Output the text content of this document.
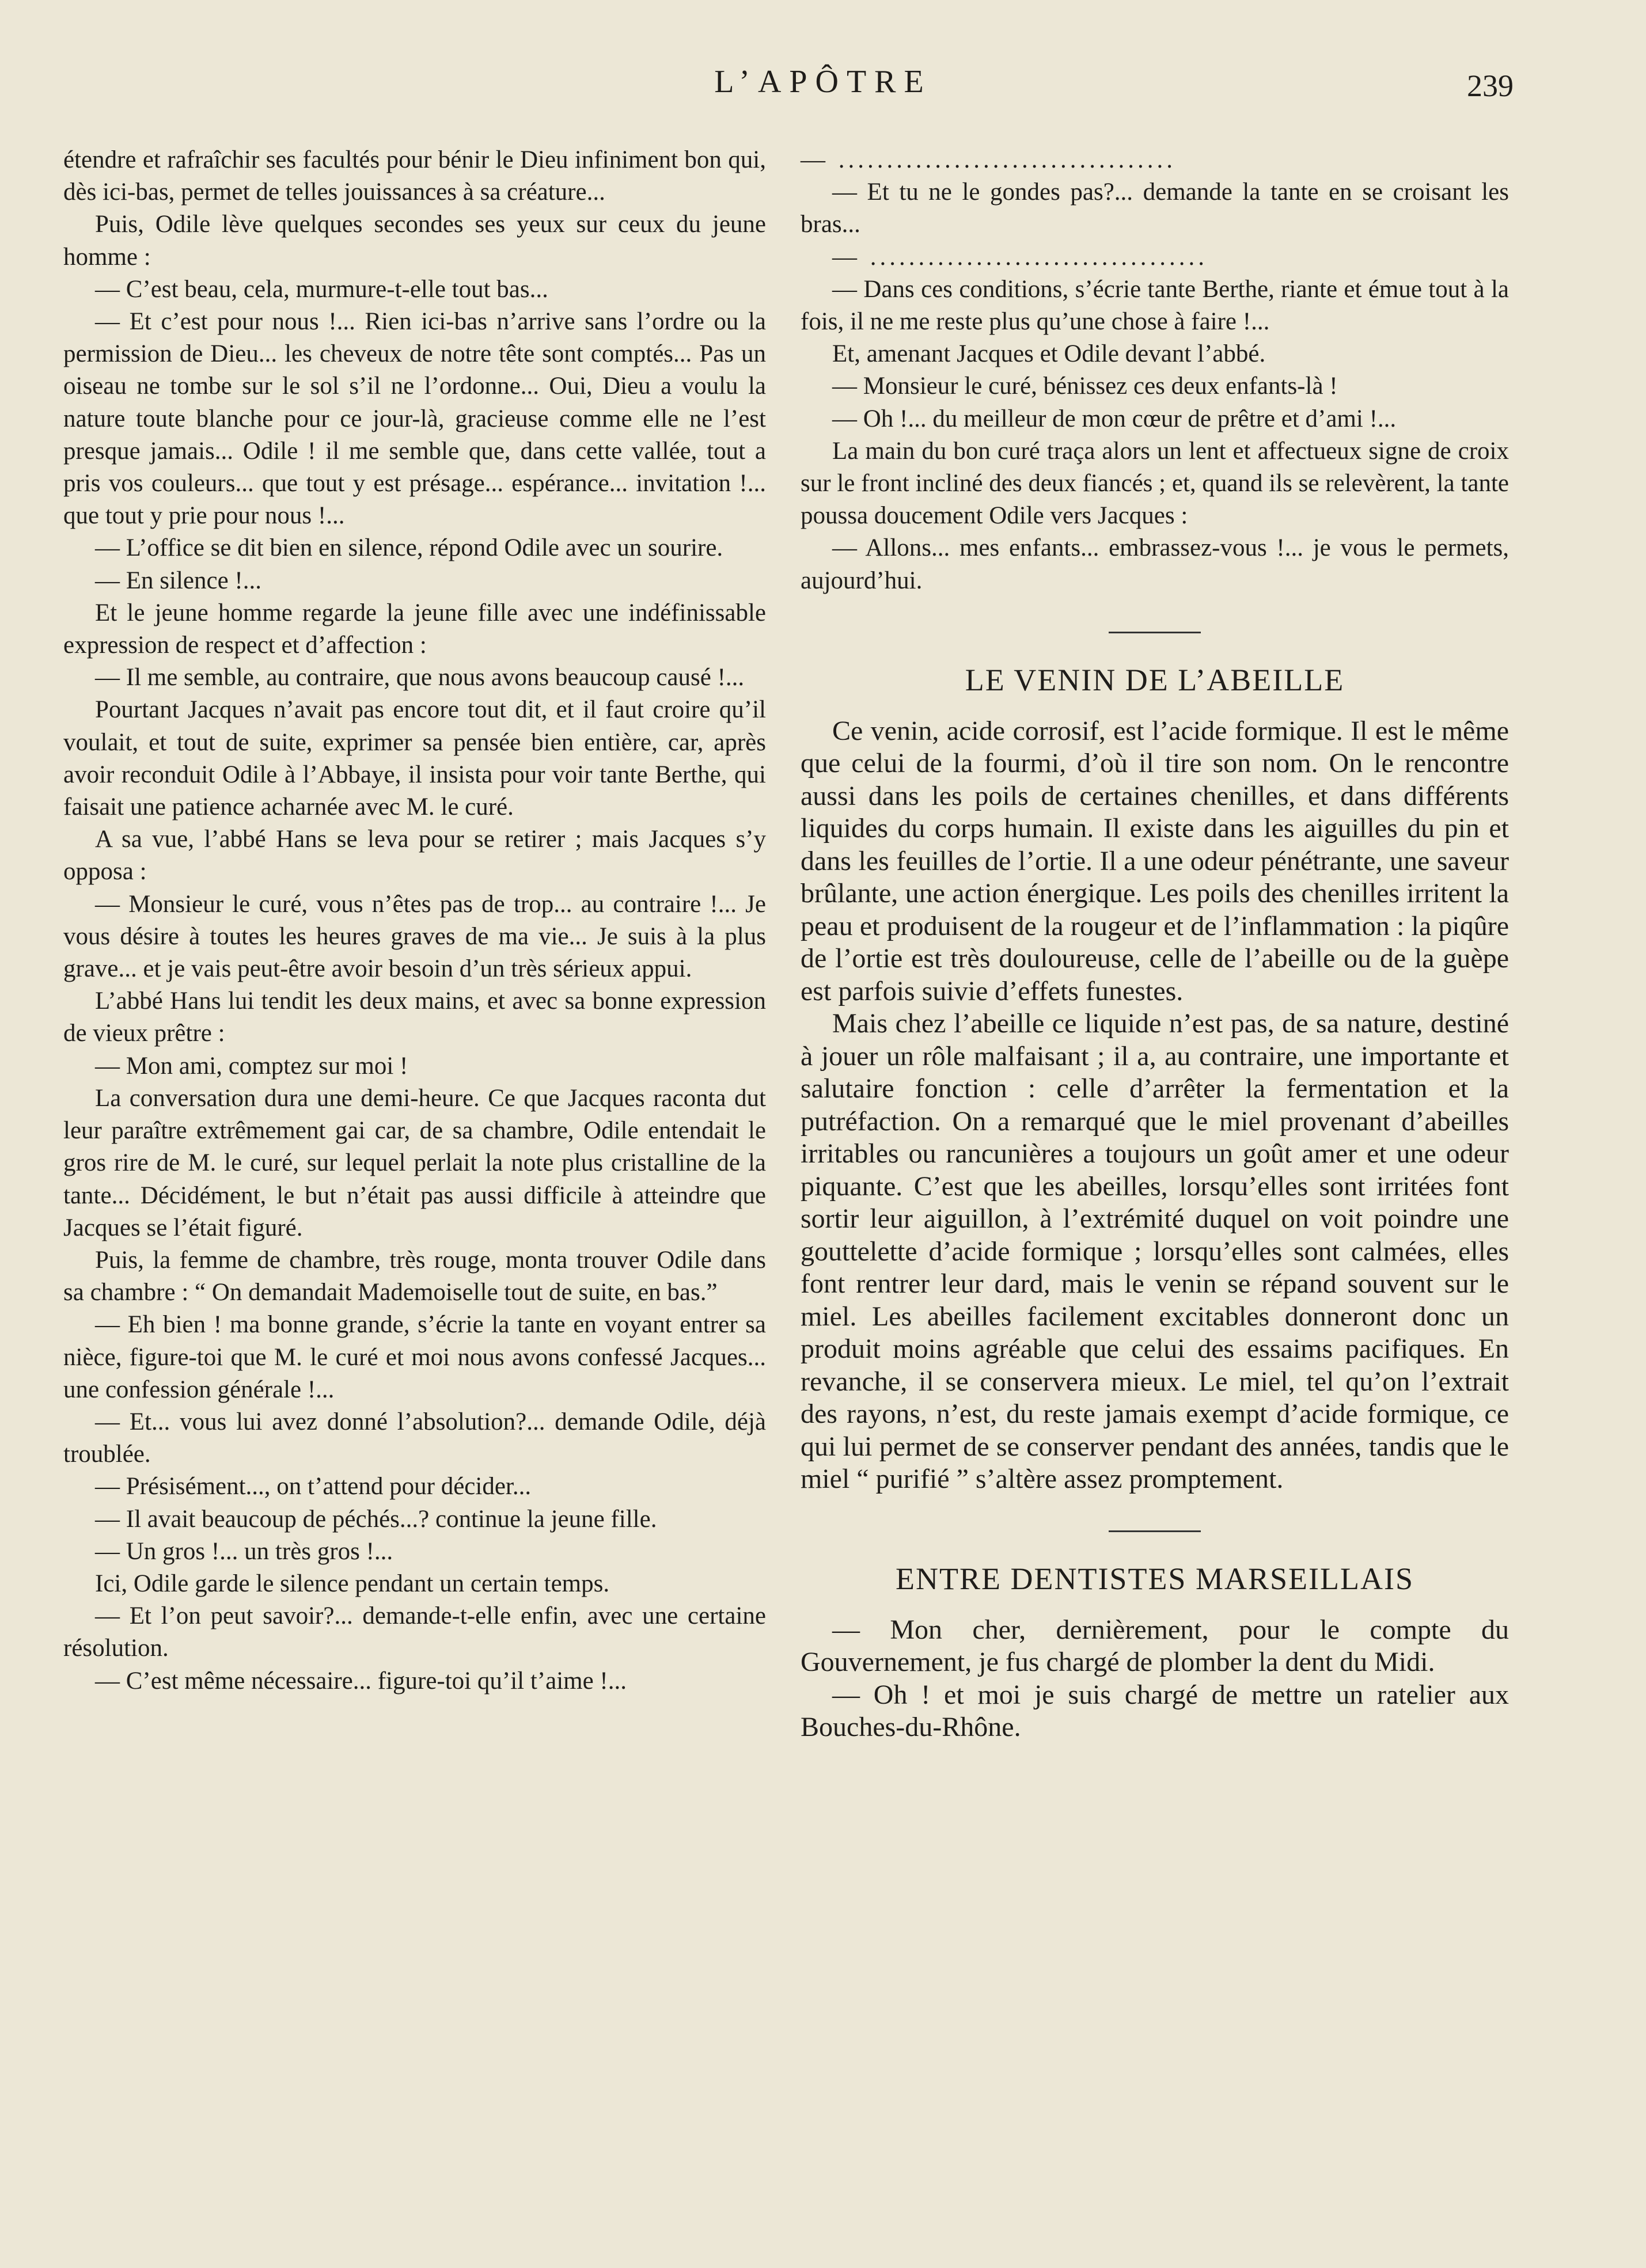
L’APÔTRE	239

étendre et rafraîchir ses facultés pour bénir le Dieu infiniment bon qui, dès ici-bas, permet de telles jouissances à sa créature...

Puis, Odile lève quelques secondes ses yeux sur ceux du jeune homme :

— C’est beau, cela, murmure-t-elle tout bas...

— Et c’est pour nous !... Rien ici-bas n’arrive sans l’ordre ou la permission de Dieu... les cheveux de notre tête sont comptés... Pas un oiseau ne tombe sur le sol s’il ne l’ordonne... Oui, Dieu a voulu la nature toute blanche pour ce jour-là, gracieuse comme elle ne l’est presque jamais... Odile ! il me semble que, dans cette vallée, tout a pris vos couleurs... que tout y est présage... espérance... invitation !... que tout y prie pour nous !...

— L’office se dit bien en silence, répond Odile avec un sourire.

— En silence !...

Et le jeune homme regarde la jeune fille avec une indéfinissable expression de respect et d’affection :

— Il me semble, au contraire, que nous avons beaucoup causé !...

Pourtant Jacques n’avait pas encore tout dit, et il faut croire qu’il voulait, et tout de suite, exprimer sa pensée bien entière, car, après avoir reconduit Odile à l’Abbaye, il insista pour voir tante Berthe, qui faisait une patience acharnée avec M. le curé.

A sa vue, l’abbé Hans se leva pour se retirer ; mais Jacques s’y opposa :

— Monsieur le curé, vous n’êtes pas de trop... au contraire !... Je vous désire à toutes les heures graves de ma vie... Je suis à la plus grave... et je vais peut-être avoir besoin d’un très sérieux appui.

L’abbé Hans lui tendit les deux mains, et avec sa bonne expression de vieux prêtre :

— Mon ami, comptez sur moi !

La conversation dura une demi-heure. Ce que Jacques raconta dut leur paraître extrêmement gai car, de sa chambre, Odile entendait le gros rire de M. le curé, sur lequel perlait la note plus cristalline de la tante... Décidément, le but n’était pas aussi difficile à atteindre que Jacques se l’était figuré.

Puis, la femme de chambre, très rouge, monta trouver Odile dans sa chambre : “ On demandait Mademoiselle tout de suite, en bas.”

— Eh bien ! ma bonne grande, s’écrie la tante en voyant entrer sa nièce, figure-toi que M. le curé et moi nous avons confessé Jacques... une confession générale !...

— Et... vous lui avez donné l’absolution?... demande Odile, déjà troublée.

— Présisément..., on t’attend pour décider...

— Il avait beaucoup de péchés...? continue la jeune fille.

— Un gros !... un très gros !...

Ici, Odile garde le silence pendant un certain temps.

— Et l’on peut savoir?... demande-t-elle enfin, avec une certaine résolution.

— C’est même nécessaire... figure-toi qu’il t’aime !...

— ...................................

— Et tu ne le gondes pas?... demande la tante en se croisant les bras...

— ...................................

— Dans ces conditions, s’écrie tante Berthe, riante et émue tout à la fois, il ne me reste plus qu’une chose à faire !...

Et, amenant Jacques et Odile devant l’abbé.

— Monsieur le curé, bénissez ces deux enfants-là !

— Oh !... du meilleur de mon cœur de prêtre et d’ami !...

La main du bon curé traça alors un lent et affectueux signe de croix sur le front incliné des deux fiancés ; et, quand ils se relevèrent, la tante poussa doucement Odile vers Jacques :

— Allons... mes enfants... embrassez-vous !... je vous le permets, aujourd’hui.

LE VENIN DE L’ABEILLE

Ce venin, acide corrosif, est l’acide formique. Il est le même que celui de la fourmi, d’où il tire son nom. On le rencontre aussi dans les poils de certaines chenilles, et dans différents liquides du corps humain. Il existe dans les aiguilles du pin et dans les feuilles de l’ortie. Il a une odeur pénétrante, une saveur brûlante, une action énergique. Les poils des chenilles irritent la peau et produisent de la rougeur et de l’inflammation : la piqûre de l’ortie est très douloureuse, celle de l’abeille ou de la guèpe est parfois suivie d’effets funestes.

Mais chez l’abeille ce liquide n’est pas, de sa nature, destiné à jouer un rôle malfaisant ; il a, au contraire, une importante et salutaire fonction : celle d’arrêter la fermentation et la putréfaction. On a remarqué que le miel provenant d’abeilles irritables ou rancunières a toujours un goût amer et une odeur piquante. C’est que les abeilles, lorsqu’elles sont irritées font sortir leur aiguillon, à l’extrémité duquel on voit poindre une gouttelette d’acide formique ; lorsqu’elles sont calmées, elles font rentrer leur dard, mais le venin se répand souvent sur le miel. Les abeilles facilement excitables donneront donc un produit moins agréable que celui des essaims pacifiques. En revanche, il se conservera mieux. Le miel, tel qu’on l’extrait des rayons, n’est, du reste jamais exempt d’acide formique, ce qui lui permet de se conserver pendant des années, tandis que le miel “ purifié ” s’altère assez promptement.

ENTRE DENTISTES MARSEILLAIS

— Mon cher, dernièrement, pour le compte du Gouvernement, je fus chargé de plomber la dent du Midi.

— Oh ! et moi je suis chargé de mettre un ratelier aux Bouches-du-Rhône.
